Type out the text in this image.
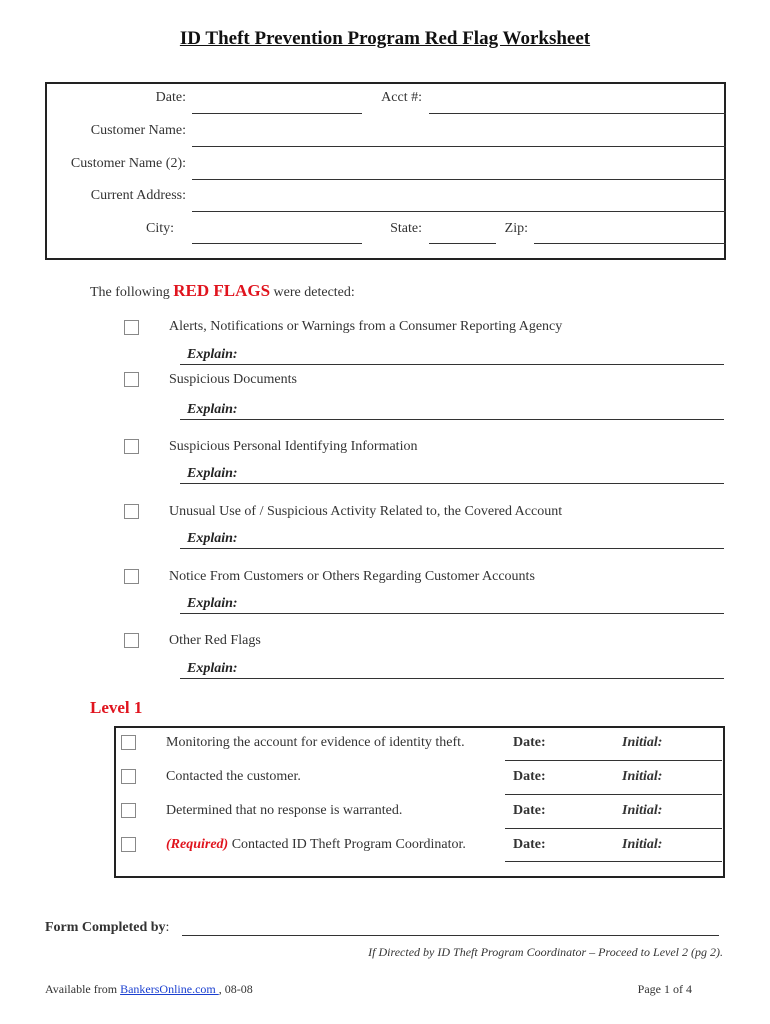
ID Theft Prevention Program Red Flag Worksheet
Date:	Acct #:
Customer Name:
Customer Name (2):
Current Address:
City:	State:	Zip:
The following RED FLAGS were detected:
Alerts, Notifications or Warnings from a Consumer Reporting Agency
Explain:
Suspicious Documents
Explain:
Suspicious Personal Identifying Information
Explain:
Unusual Use of / Suspicious Activity Related to, the Covered Account
Explain:
Notice From Customers or Others Regarding Customer Accounts
Explain:
Other Red Flags
Explain:
Level 1
Monitoring the account for evidence of identity theft.	Date:	Initial:
Contacted the customer.	Date:	Initial:
Determined that no response is warranted.	Date:	Initial:
(Required) Contacted ID Theft Program Coordinator.	Date:	Initial:
Form Completed by:
If Directed by ID Theft Program Coordinator – Proceed to Level 2 (pg 2).
Available from BankersOnline.com , 08-08	Page 1 of 4
